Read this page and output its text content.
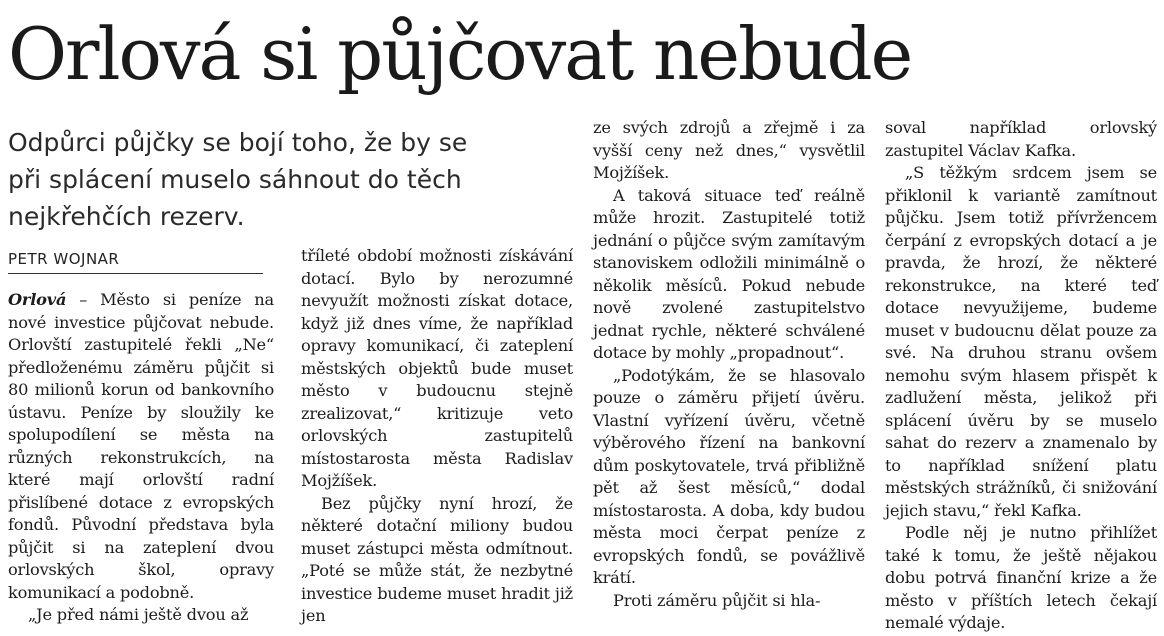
Orlová si půjčovat nebude
Odpůrci půjčky se bojí toho, že by se
při splácení muselo sáhnout do těch
nejkřehčích rezerv.
PETR WOJNAR

Orlová – Město si peníze na nové investice půjčovat nebude. Orlovští zastupitelé řekli „Ne“ předloženému záměru půjčit si 80 milionů korun od bankovního ústavu. Peníze by sloužily ke spolupodílení se města na různých rekonstrukcích, na které mají orlovští radní přislíbené dotace z evropských fondů. Původní představa byla půjčit si na zateplení dvou orlovských škol, opravy komunikací a podobně.

„Je před námi ještě dvou až

tříleté období možnosti získávání dotací. Bylo by nerozumné nevyužít možnosti získat dotace, když již dnes víme, že například opravy komunikací, či zateplení městských objektů bude muset město v budoucnu stejně zrealizovat,“ kritizuje veto orlovských zastupitelů místostarosta města Radislav Mojžíšek.

Bez půjčky nyní hrozí, že některé dotační miliony budou muset zástupci města odmítnout. „Poté se může stát, že nezbytné investice budeme muset hradit již jen

ze svých zdrojů a zřejmě i za vyšší ceny než dnes,“ vysvětlil Mojžíšek.

A taková situace teď reálně může hrozit. Zastupitelé totiž jednání o půjčce svým zamítavým stanoviskem odložili minimálně o několik měsíců. Pokud nebude nově zvolené zastupitelstvo jednat rychle, některé schválené dotace by mohly „propadnout“.

„Podotýkám, že se hlasovalo pouze o záměru přijetí úvěru. Vlastní vyřízení úvěru, včetně výběrového řízení na bankovní dům poskytovatele, trvá přibližně pět až šest měsíců,“ dodal místostarosta. A doba, kdy budou města moci čerpat peníze z evropských fondů, se povážlivě krátí.

Proti záměru půjčit si hla-

soval například orlovský zastupitel Václav Kafka.

„S těžkým srdcem jsem se přiklonil k variantě zamítnout půjčku. Jsem totiž přívržencem čerpání z evropských dotací a je pravda, že hrozí, že některé rekonstrukce, na které teď dotace nevyužijeme, budeme muset v budoucnu dělat pouze za své. Na druhou stranu ovšem nemohu svým hlasem přispět k zadlužení města, jelikož při splácení úvěru by se muselo sahat do rezerv a znamenalo by to například snížení platu městských strážníků, či snižování jejich stavu,“ řekl Kafka.

Podle něj je nutno přihlížet také k tomu, že ještě nějakou dobu potrvá finanční krize a že město v příštích letech čekají nemalé výdaje.
